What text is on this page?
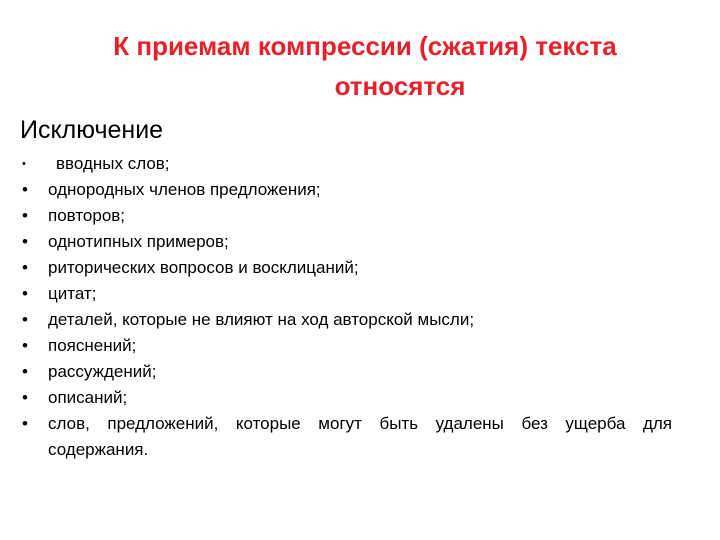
К приемам компрессии (сжатия) текста
относятся
Исключение
•	вводных слов;
•	однородных членов предложения;
•	повторов;
•	однотипных примеров;
•	риторических вопросов и восклицаний;
•	цитат;
•	деталей, которые не влияют на ход авторской мысли;
•	пояснений;
•	рассуждений;
•	описаний;
•	слов, предложений, которые могут быть удалены без ущерба для содержания.
